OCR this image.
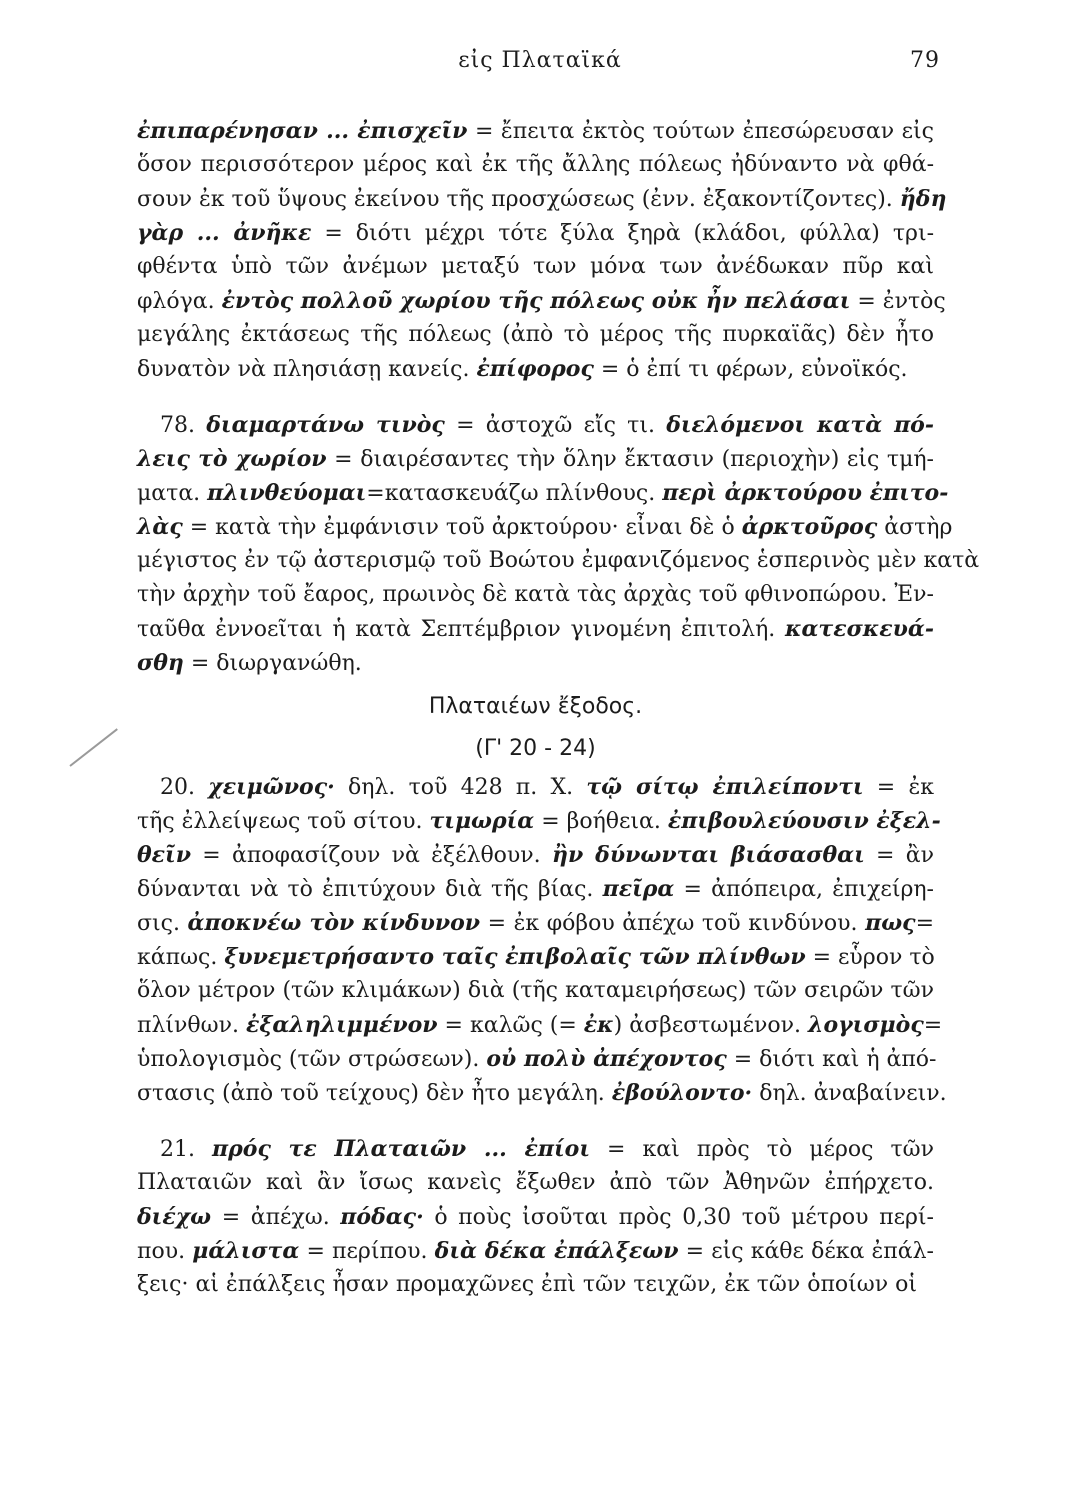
εἰς Πλαταϊκά	79
ἐπιπαρένησαν ... ἐπισχεῖν = ἔπειτα ἐκτὸς τούτων ἐπεσώρευσαν εἰς
ὅσον περισσότερον μέρος καὶ ἐκ τῆς ἄλλης πόλεως ἠδύναντο νὰ φθά-
σουν ἐκ τοῦ ὕψους ἐκείνου τῆς προσχώσεως (ἐνν. ἐξακοντίζοντες). ἤδη
γὰρ ... ἀνῆκε = διότι μέχρι τότε ξύλα ξηρὰ (κλάδοι, φύλλα) τρι-
φθέντα ὑπὸ τῶν ἀνέμων μεταξύ των μόνα των ἀνέδωκαν πῦρ καὶ
φλόγα. ἐντὸς πολλοῦ χωρίου τῆς πόλεως οὐκ ἦν πελάσαι = ἐντὸς
μεγάλης ἐκτάσεως τῆς πόλεως (ἀπὸ τὸ μέρος τῆς πυρκαϊᾶς) δὲν ἦτο
δυνατὸν νὰ πλησιάσῃ κανείς. ἐπίφορος = ὁ ἐπί τι φέρων, εὐνοϊκός.
78. διαμαρτάνω τινὸς = ἀστοχῶ εἴς τι. διελόμενοι κατὰ πό-
λεις τὸ χωρίον = διαιρέσαντες τὴν ὅλην ἔκτασιν (περιοχὴν) εἰς τμή-
ματα. πλινθεύομαι=κατασκευάζω πλίνθους. περὶ ἀρκτούρου ἐπιτο-
λὰς = κατὰ τὴν ἐμφάνισιν τοῦ ἀρκτούρου· εἶναι δὲ ὁ ἀρκτοῦρος ἀστὴρ
μέγιστος ἐν τῷ ἀστερισμῷ τοῦ Βοώτου ἐμφανιζόμενος ἑσπερινὸς μὲν κατὰ
τὴν ἀρχὴν τοῦ ἔαρος, πρωινὸς δὲ κατὰ τὰς ἀρχὰς τοῦ φθινοπώρου. Ἐν-
ταῦθα ἐννοεῖται ἡ κατὰ Σεπτέμβριον γινομένη ἐπιτολή. κατεσκευά-
σθη = διωργανώθη.
20. χειμῶνος· δηλ. τοῦ 428 π. Χ. τῷ σίτῳ ἐπιλείποντι = ἐκ
τῆς ἐλλείψεως τοῦ σίτου. τιμωρία = βοήθεια. ἐπιβουλεύουσιν ἐξελ-
θεῖν = ἀποφασίζουν νὰ ἐξέλθουν. ἢν δύνωνται βιάσασθαι = ἂν
δύνανται νὰ τὸ ἐπιτύχουν διὰ τῆς βίας. πεῖρα = ἀπόπειρα, ἐπιχείρη-
σις. ἀποκνέω τὸν κίνδυνον = ἐκ φόβου ἀπέχω τοῦ κινδύνου. πως=
κάπως. ξυνεμετρήσαντο ταῖς ἐπιβολαῖς τῶν πλίνθων = εὗρον τὸ
ὅλον μέτρον (τῶν κλιμάκων) διὰ (τῆς καταμειρήσεως) τῶν σειρῶν τῶν
πλίνθων. ἐξαληλιμμένον = καλῶς (= ἐκ) ἀσβεστωμένον. λογισμὸς=
ὑπολογισμὸς (τῶν στρώσεων). οὐ πολὺ ἀπέχοντος = διότι καὶ ἡ ἀπό-
στασις (ἀπὸ τοῦ τείχους) δὲν ἦτο μεγάλη. ἐβούλοντο· δηλ. ἀναβαίνειν.
21. πρός τε Πλαταιῶν ... ἐπίοι = καὶ πρὸς τὸ μέρος τῶν
Πλαταιῶν καὶ ἂν ἴσως κανεὶς ἔξωθεν ἀπὸ τῶν Ἀθηνῶν ἐπήρχετο.
διέχω = ἀπέχω. πόδας· ὁ ποὺς ἰσοῦται πρὸς 0,30 τοῦ μέτρου περί-
που. μάλιστα = περίπου. διὰ δέκα ἐπάλξεων = εἰς κάθε δέκα ἐπάλ-
ξεις· αἱ ἐπάλξεις ἦσαν προμαχῶνες ἐπὶ τῶν τειχῶν, ἐκ τῶν ὁποίων οἱ
Πλαταιέων ἔξοδος.
(Γ' 20 - 24)
